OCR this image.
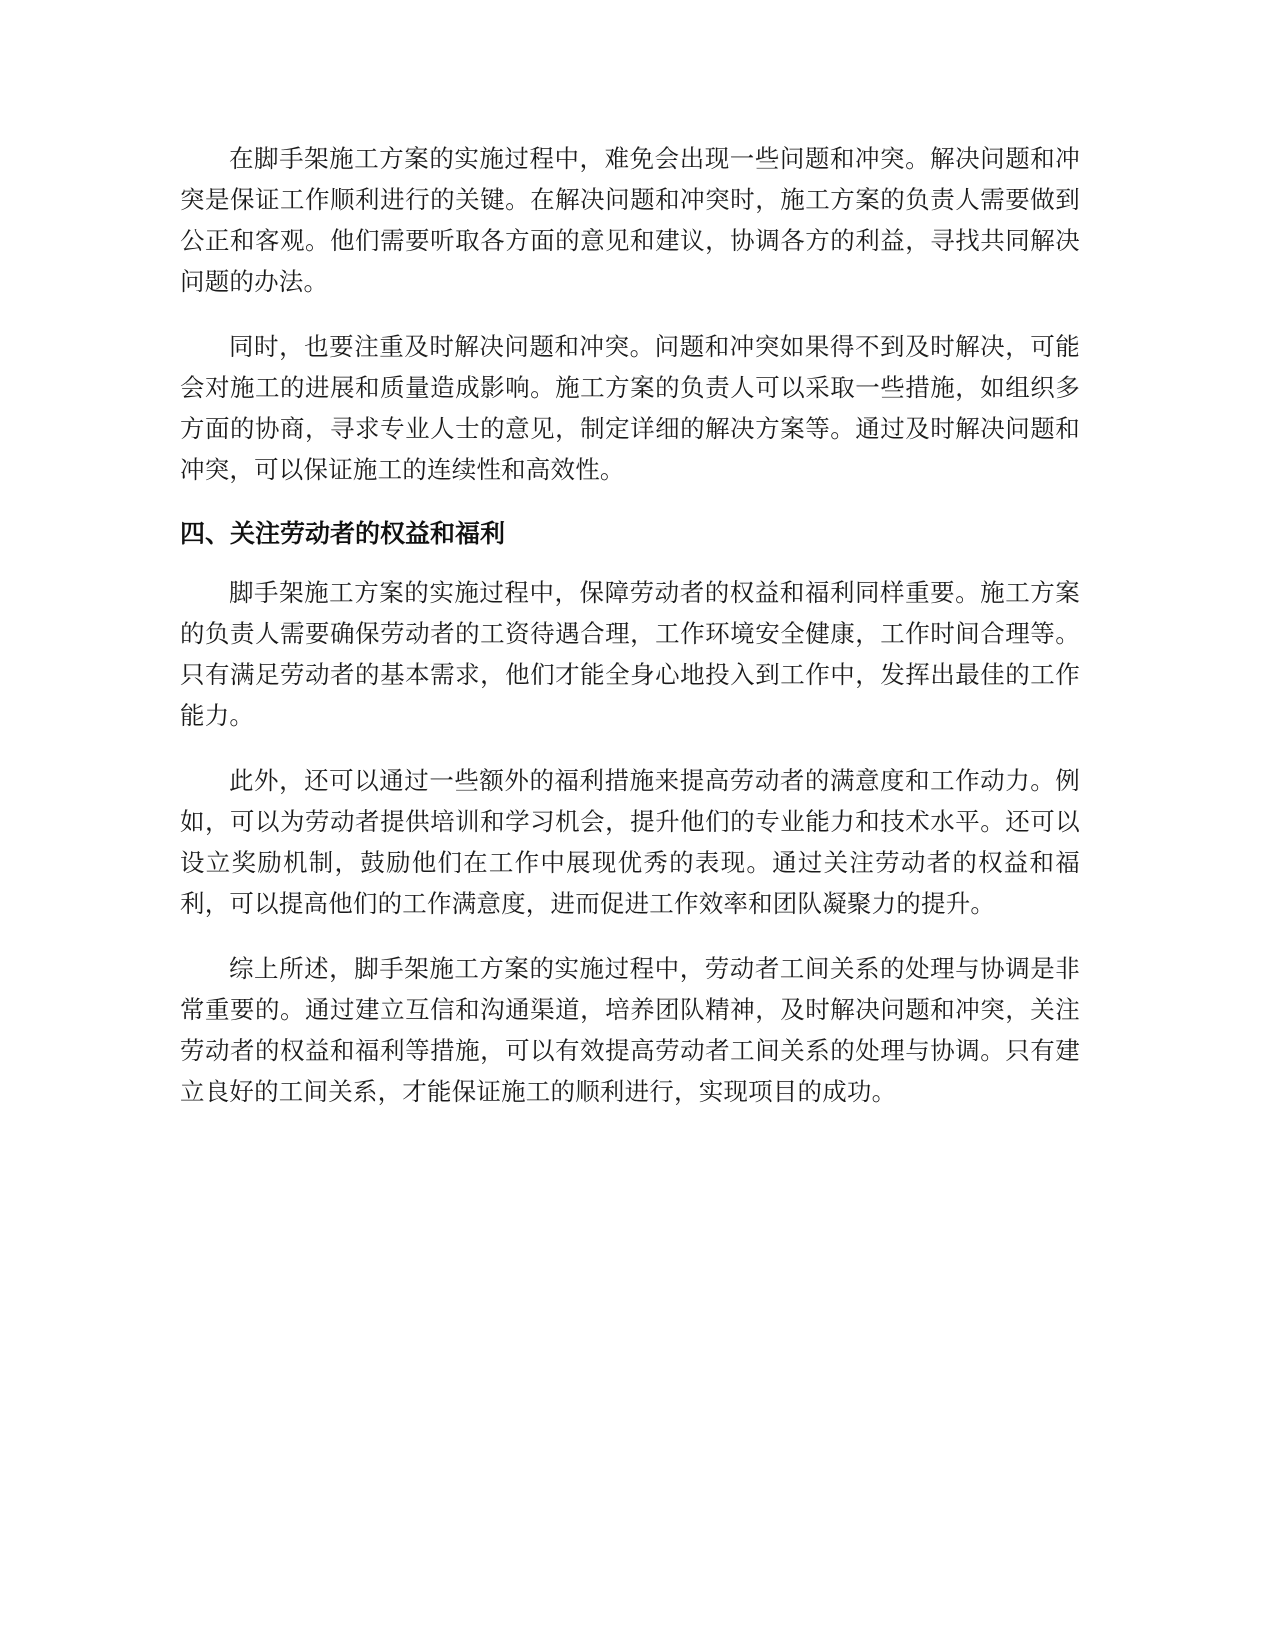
在脚手架施工方案的实施过程中，难免会出现一些问题和冲突。解决问题和冲突是保证工作顺利进行的关键。在解决问题和冲突时，施工方案的负责人需要做到公正和客观。他们需要听取各方面的意见和建议，协调各方的利益，寻找共同解决问题的办法。

同时，也要注重及时解决问题和冲突。问题和冲突如果得不到及时解决，可能会对施工的进展和质量造成影响。施工方案的负责人可以采取一些措施，如组织多方面的协商，寻求专业人士的意见，制定详细的解决方案等。通过及时解决问题和冲突，可以保证施工的连续性和高效性。

四、关注劳动者的权益和福利

脚手架施工方案的实施过程中，保障劳动者的权益和福利同样重要。施工方案的负责人需要确保劳动者的工资待遇合理，工作环境安全健康，工作时间合理等。只有满足劳动者的基本需求，他们才能全身心地投入到工作中，发挥出最佳的工作能力。

此外，还可以通过一些额外的福利措施来提高劳动者的满意度和工作动力。例如，可以为劳动者提供培训和学习机会，提升他们的专业能力和技术水平。还可以设立奖励机制，鼓励他们在工作中展现优秀的表现。通过关注劳动者的权益和福利，可以提高他们的工作满意度，进而促进工作效率和团队凝聚力的提升。

综上所述，脚手架施工方案的实施过程中，劳动者工间关系的处理与协调是非常重要的。通过建立互信和沟通渠道，培养团队精神，及时解决问题和冲突，关注劳动者的权益和福利等措施，可以有效提高劳动者工间关系的处理与协调。只有建立良好的工间关系，才能保证施工的顺利进行，实现项目的成功。
